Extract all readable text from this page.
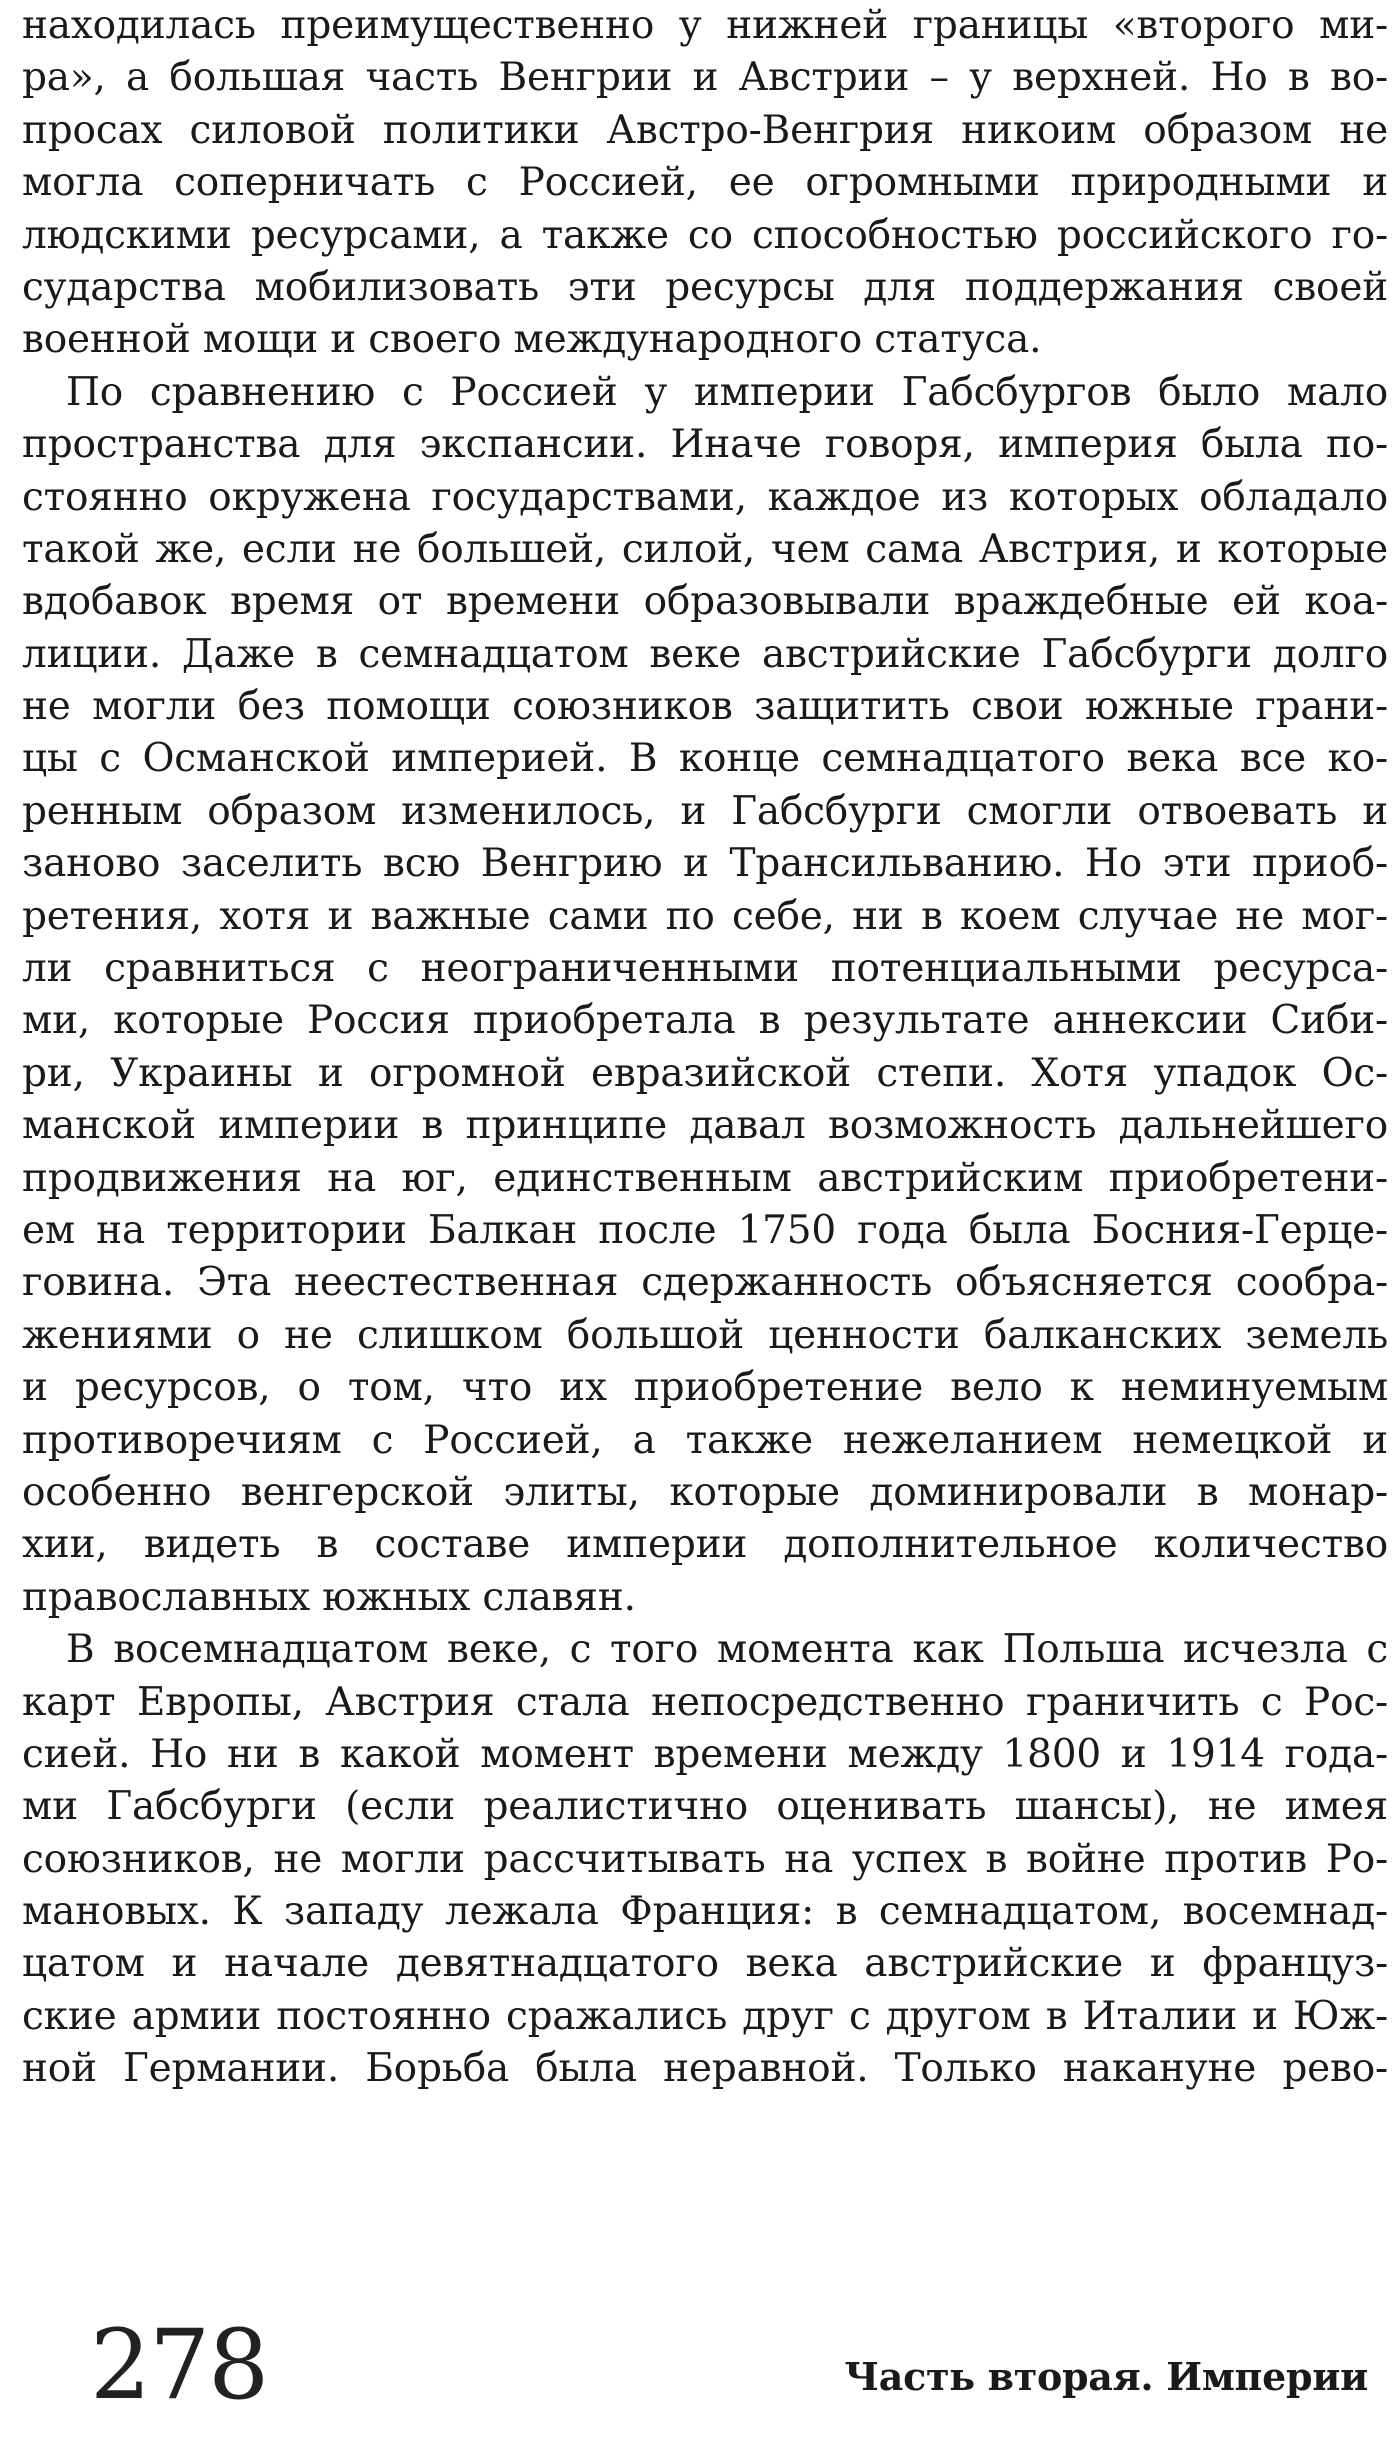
находилась преимущественно у нижней границы «второго ми-
ра», а большая часть Венгрии и Австрии – у верхней. Но в во-
просах силовой политики Австро-Венгрия никоим образом не
могла соперничать с Россией, ее огромными природными и
людскими ресурсами, а также со способностью российского го-
сударства мобилизовать эти ресурсы для поддержания своей
военной мощи и своего международного статуса.
По сравнению с Россией у империи Габсбургов было мало
пространства для экспансии. Иначе говоря, империя была по-
стоянно окружена государствами, каждое из которых обладало
такой же, если не большей, силой, чем сама Австрия, и которые
вдобавок время от времени образовывали враждебные ей коа-
лиции. Даже в семнадцатом веке австрийские Габсбурги долго
не могли без помощи союзников защитить свои южные грани-
цы с Османской империей. В конце семнадцатого века все ко-
ренным образом изменилось, и Габсбурги смогли отвоевать и
заново заселить всю Венгрию и Трансильванию. Но эти приоб-
ретения, хотя и важные сами по себе, ни в коем случае не мог-
ли сравниться с неограниченными потенциальными ресурса-
ми, которые Россия приобретала в результате аннексии Сиби-
ри, Украины и огромной евразийской степи. Хотя упадок Ос-
манской империи в принципе давал возможность дальнейшего
продвижения на юг, единственным австрийским приобретени-
ем на территории Балкан после 1750 года была Босния-Герце-
говина. Эта неестественная сдержанность объясняется сообра-
жениями о не слишком большой ценности балканских земель
и ресурсов, о том, что их приобретение вело к неминуемым
противоречиям с Россией, а также нежеланием немецкой и
особенно венгерской элиты, которые доминировали в монар-
хии, видеть в составе империи дополнительное количество
православных южных славян.
В восемнадцатом веке, с того момента как Польша исчезла с
карт Европы, Австрия стала непосредственно граничить с Рос-
сией. Но ни в какой момент времени между 1800 и 1914 года-
ми Габсбурги (если реалистично оценивать шансы), не имея
союзников, не могли рассчитывать на успех в войне против Ро-
мановых. К западу лежала Франция: в семнадцатом, восемнад-
цатом и начале девятнадцатого века австрийские и француз-
ские армии постоянно сражались друг с другом в Италии и Юж-
ной Германии. Борьба была неравной. Только накануне рево-
278	Часть вторая. Империи
